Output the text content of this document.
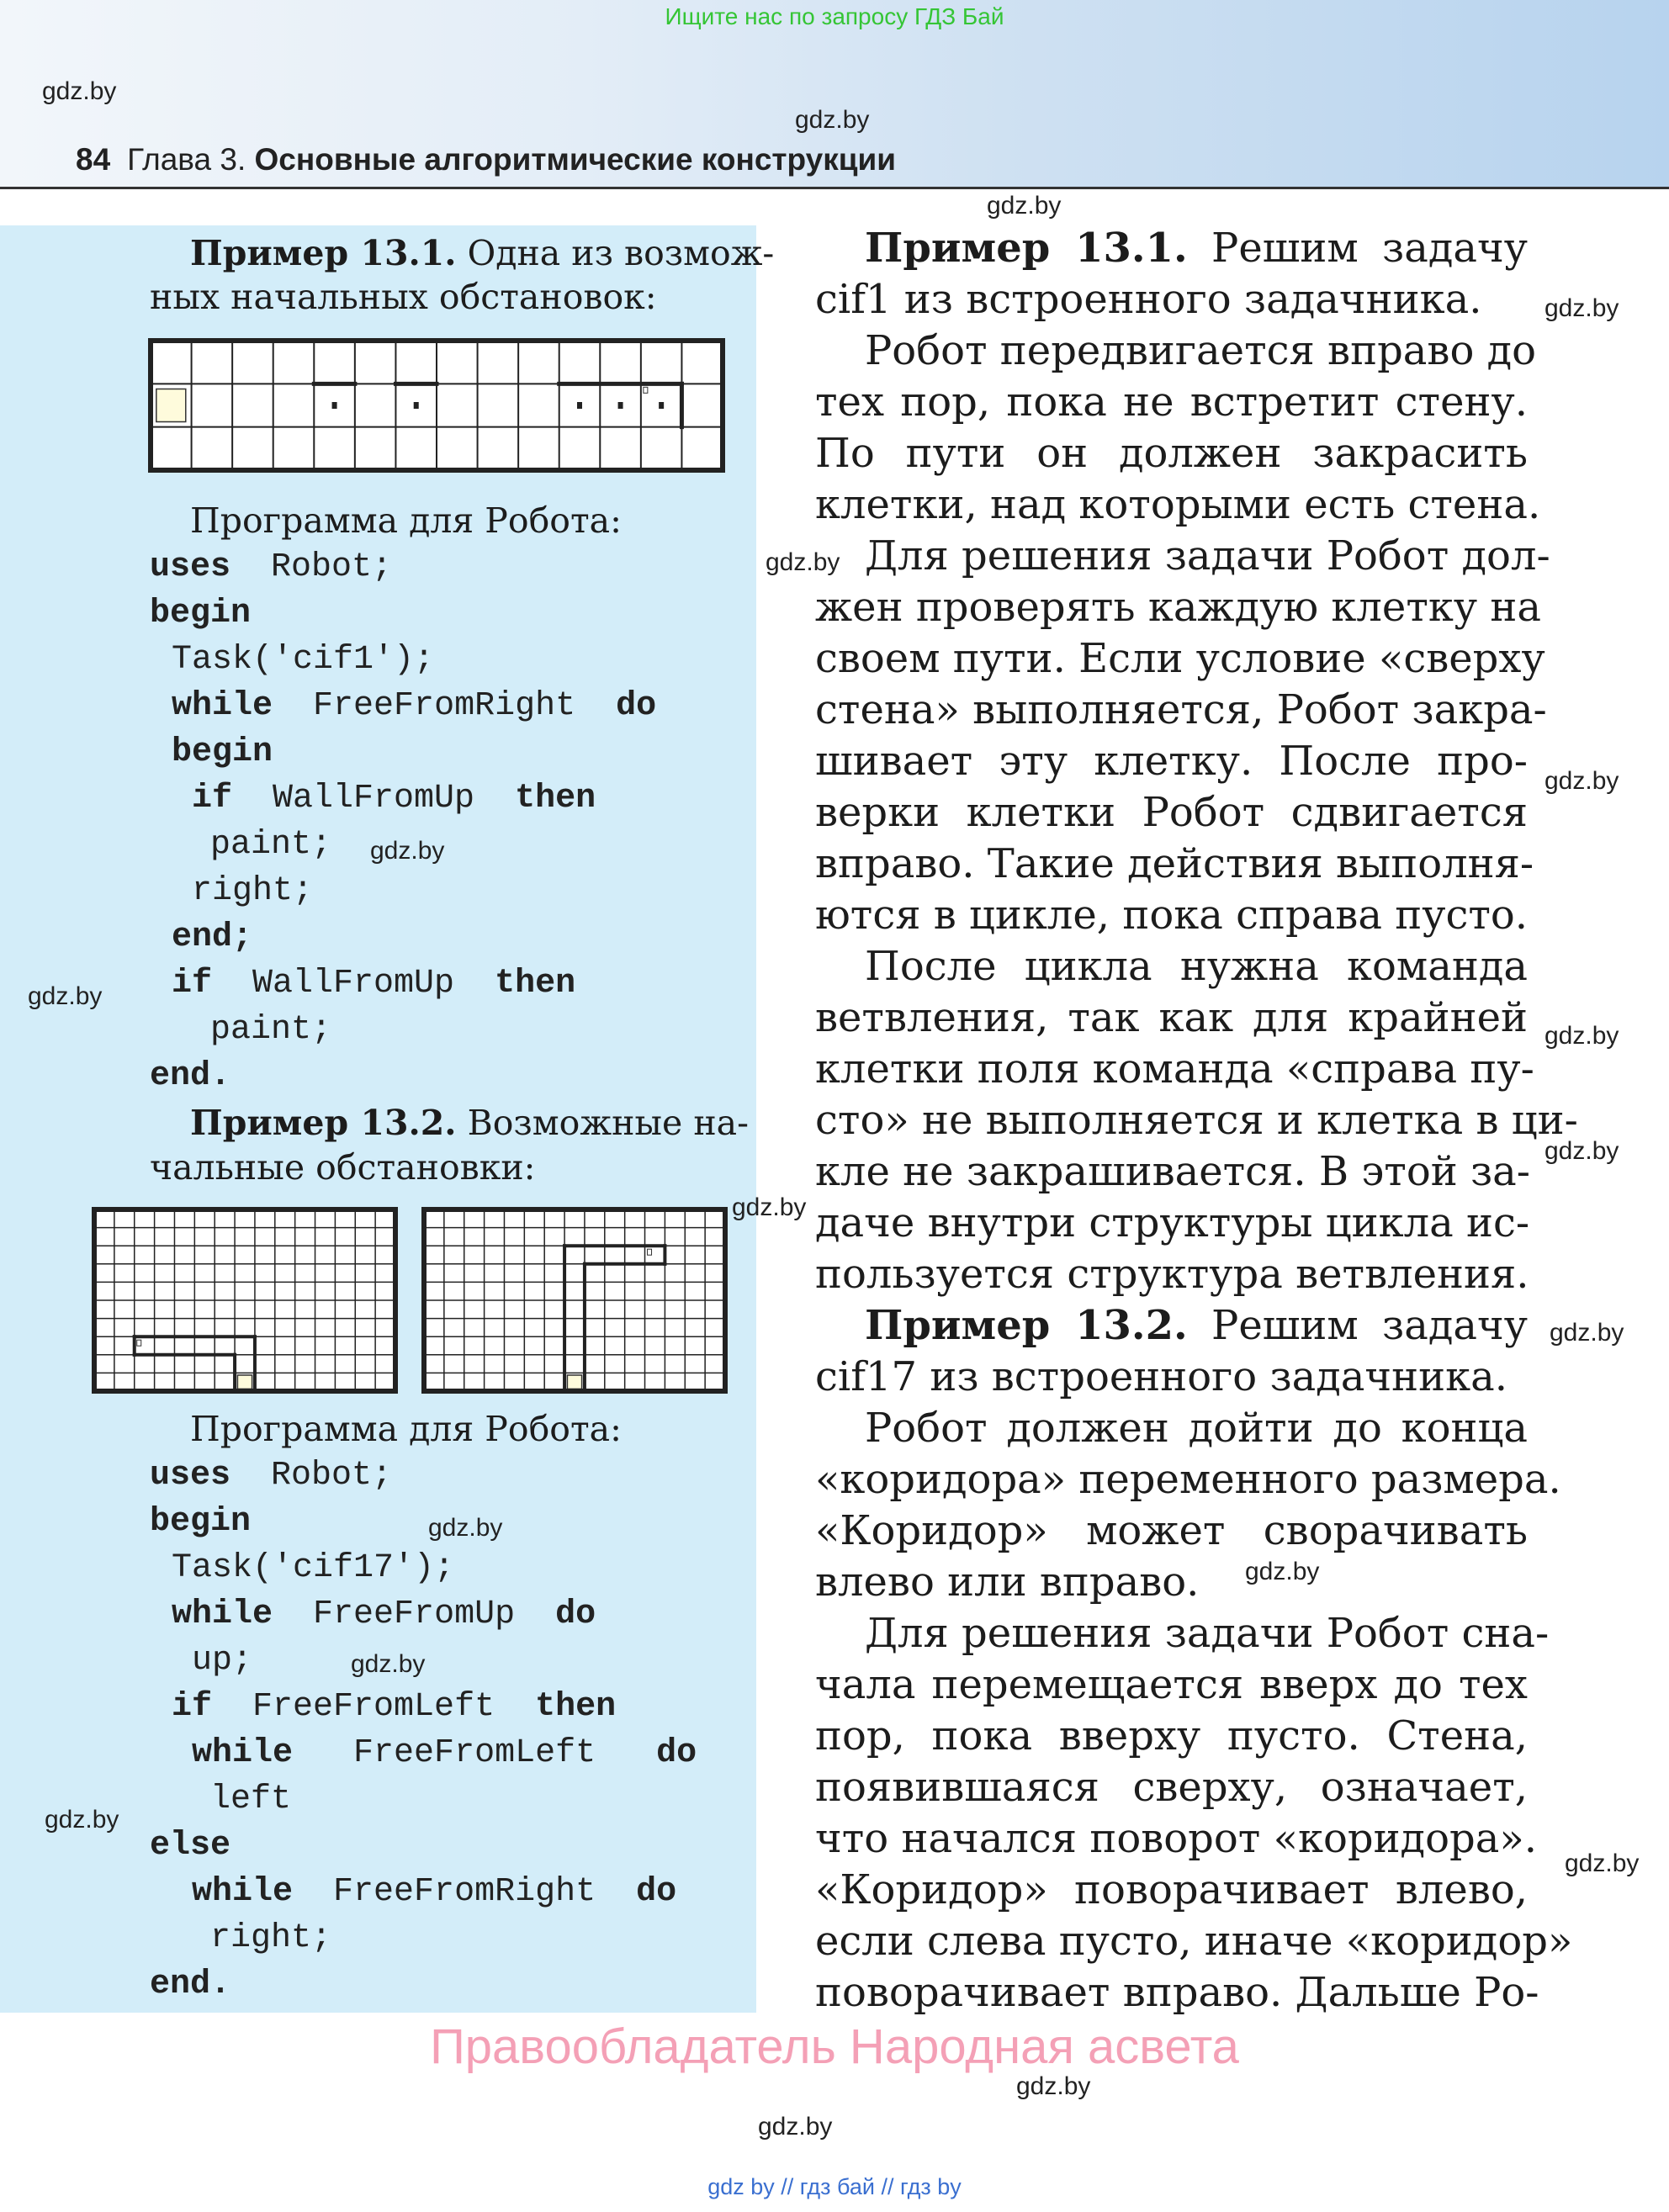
Ищите нас по запросу ГДЗ Бай
84 Глава 3. Основные алгоритмические конструкции
Пример 13.1. Одна из возмож-
ных начальных обстановок:
Программа для Робота:
uses  Robot;
begin
Task('cif1');
while  FreeFromRight  do
begin
if  WallFromUp  then
paint;
right;
end;
if  WallFromUp  then
paint;
end.
Пример 13.2. Возможные на-
чальные обстановки:
Программа для Робота:
uses  Robot;
begin
Task('cif17');
while  FreeFromUp  do
up;
if  FreeFromLeft  then
while   FreeFromLeft   do
left
else
while  FreeFromRight  do
right;
end.
Пример 13.1. Решим задачу
cif1 из встроенного задачника.
Робот передвигается вправо до
тех пор, пока не встретит стену.
По пути он должен закрасить
клетки, над которыми есть стена.
Для решения задачи Робот дол-
жен проверять каждую клетку на
своем пути. Если условие «сверху
стена» выполняется, Робот закра-
шивает эту клетку. После про-
верки клетки Робот сдвигается
вправо. Такие действия выполня-
ются в цикле, пока справа пусто.
После цикла нужна команда
ветвления, так как для крайней
клетки поля команда «справа пу-
сто» не выполняется и клетка в ци-
кле не закрашивается. В этой за-
даче внутри структуры цикла ис-
пользуется структура ветвления.
Пример 13.2. Решим задачу
cif17 из встроенного задачника.
Робот должен дойти до конца
«коридора» переменного размера.
«Коридор» может сворачивать
влево или вправо.
Для решения задачи Робот сна-
чала перемещается вверх до тех
пор, пока вверху пусто. Стена,
появившаяся сверху, означает,
что начался поворот «коридора».
«Коридор» поворачивает влево,
если слева пусто, иначе «коридор»
поворачивает вправо. Дальше Ро-
gdz.by
gdz.by
gdz.by
gdz.by
gdz.by
gdz.by
gdz.by
gdz.by
gdz.by
gdz.by
gdz.by
gdz.by
gdz.by
gdz.by
gdz.by
gdz.by
gdz.by
gdz.by
gdz.by
Правообладатель Народная асвета
gdz by // гдз бай // гдз by
